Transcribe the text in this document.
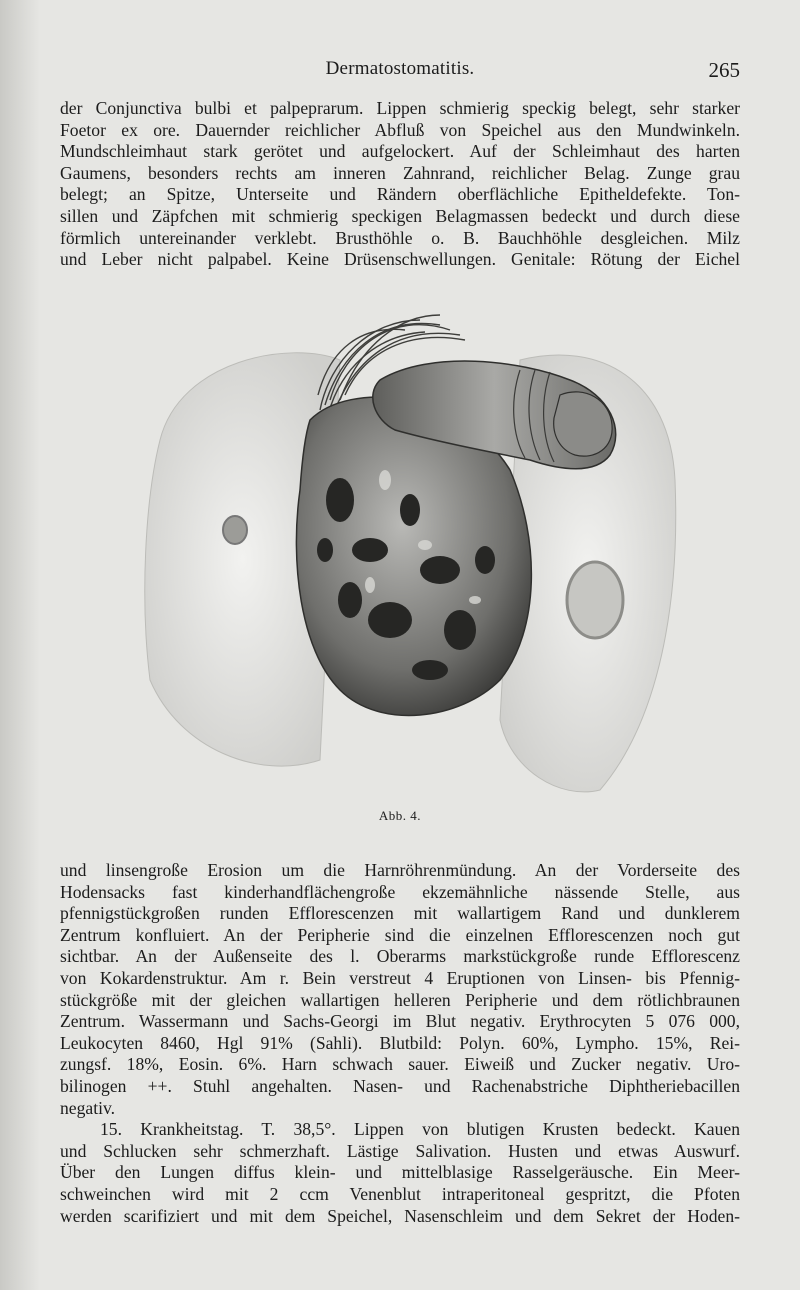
Dermatostomatitis.	265

der Conjunctiva bulbi et palpeprarum. Lippen schmierig speckig belegt, sehr starker
Foetor ex ore. Dauernder reichlicher Abfluß von Speichel aus den Mundwinkeln.
Mundschleimhaut stark gerötet und aufgelockert. Auf der Schleimhaut des harten
Gaumens, besonders rechts am inneren Zahnrand, reichlicher Belag. Zunge grau
belegt; an Spitze, Unterseite und Rändern oberflächliche Epitheldefekte. Ton-
sillen und Zäpfchen mit schmierig speckigen Belagmassen bedeckt und durch diese
förmlich untereinander verklebt. Brusthöhle o. B. Bauchhöhle desgleichen. Milz
und Leber nicht palpabel. Keine Drüsenschwellungen. Genitale: Rötung der Eichel

Abb. 4.

und linsengroße Erosion um die Harnröhrenmündung. An der Vorderseite des
Hodensacks fast kinderhandflächengroße ekzemähnliche nässende Stelle, aus
pfennigstückgroßen runden Efflorescenzen mit wallartigem Rand und dunklerem
Zentrum konfluiert. An der Peripherie sind die einzelnen Efflorescenzen noch gut
sichtbar. An der Außenseite des l. Oberarms markstückgroße runde Efflorescenz
von Kokardenstruktur. Am r. Bein verstreut 4 Eruptionen von Linsen- bis Pfennig-
stückgröße mit der gleichen wallartigen helleren Peripherie und dem rötlichbraunen
Zentrum. Wassermann und Sachs-Georgi im Blut negativ. Erythrocyten 5 076 000,
Leukocyten 8460, Hgl 91% (Sahli). Blutbild: Polyn. 60%, Lympho. 15%, Rei-
zungsf. 18%, Eosin. 6%. Harn schwach sauer. Eiweiß und Zucker negativ. Uro-
bilinogen ++. Stuhl angehalten. Nasen- und Rachenabstriche Diphtheriebacillen
negativ.

15. Krankheitstag. T. 38,5°. Lippen von blutigen Krusten bedeckt. Kauen
und Schlucken sehr schmerzhaft. Lästige Salivation. Husten und etwas Auswurf.
Über den Lungen diffus klein- und mittelblasige Rasselgeräusche. Ein Meer-
schweinchen wird mit 2 ccm Venenblut intraperitoneal gespritzt, die Pfoten
werden scarifiziert und mit dem Speichel, Nasenschleim und dem Sekret der Hoden-
